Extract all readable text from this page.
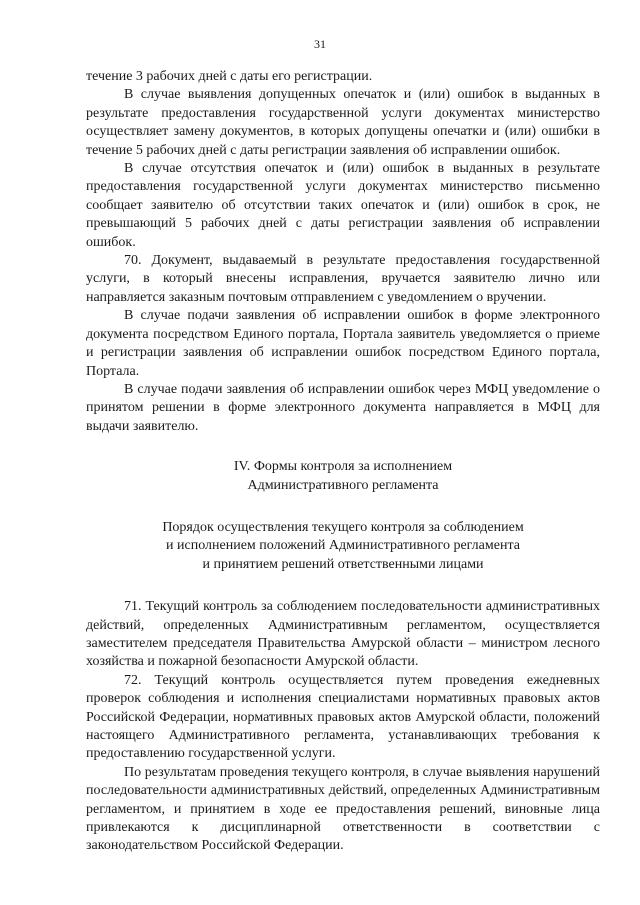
31

течение 3 рабочих дней с даты его регистрации.

В случае выявления допущенных опечаток и (или) ошибок в выданных в результате предоставления государственной услуги документах министерство осуществляет замену документов, в которых допущены опечатки и (или) ошибки в течение 5 рабочих дней с даты регистрации заявления об исправлении ошибок.

В случае отсутствия опечаток и (или) ошибок в выданных в результате предоставления государственной услуги документах министерство письменно сообщает заявителю об отсутствии таких опечаток и (или) ошибок в срок, не превышающий 5 рабочих дней с даты регистрации заявления об исправлении ошибок.

70. Документ, выдаваемый в результате предоставления государственной услуги, в который внесены исправления, вручается заявителю лично или направляется заказным почтовым отправлением с уведомлением о вручении.

В случае подачи заявления об исправлении ошибок в форме электронного документа посредством Единого портала, Портала заявитель уведомляется о приеме и регистрации заявления об исправлении ошибок посредством Единого портала, Портала.

В случае подачи заявления об исправлении ошибок через МФЦ уведомление о принятом решении в форме электронного документа направляется в МФЦ для выдачи заявителю.

IV. Формы контроля за исполнением
Административного регламента
Порядок осуществления текущего контроля за соблюдением
и исполнением положений Административного регламента
и принятием решений ответственными лицами

71. Текущий контроль за соблюдением последовательности административных действий, определенных Административным регламентом, осуществляется заместителем председателя Правительства Амурской области – министром лесного хозяйства и пожарной безопасности Амурской области.

72. Текущий контроль осуществляется путем проведения ежедневных проверок соблюдения и исполнения специалистами нормативных правовых актов Российской Федерации, нормативных правовых актов Амурской области, положений настоящего Административного регламента, устанавливающих требования к предоставлению государственной услуги.

По результатам проведения текущего контроля, в случае выявления нарушений последовательности административных действий, определенных Административным регламентом, и принятием в ходе ее предоставления решений, виновные лица привлекаются к дисциплинарной ответственности в соответствии с законодательством Российской Федерации.
